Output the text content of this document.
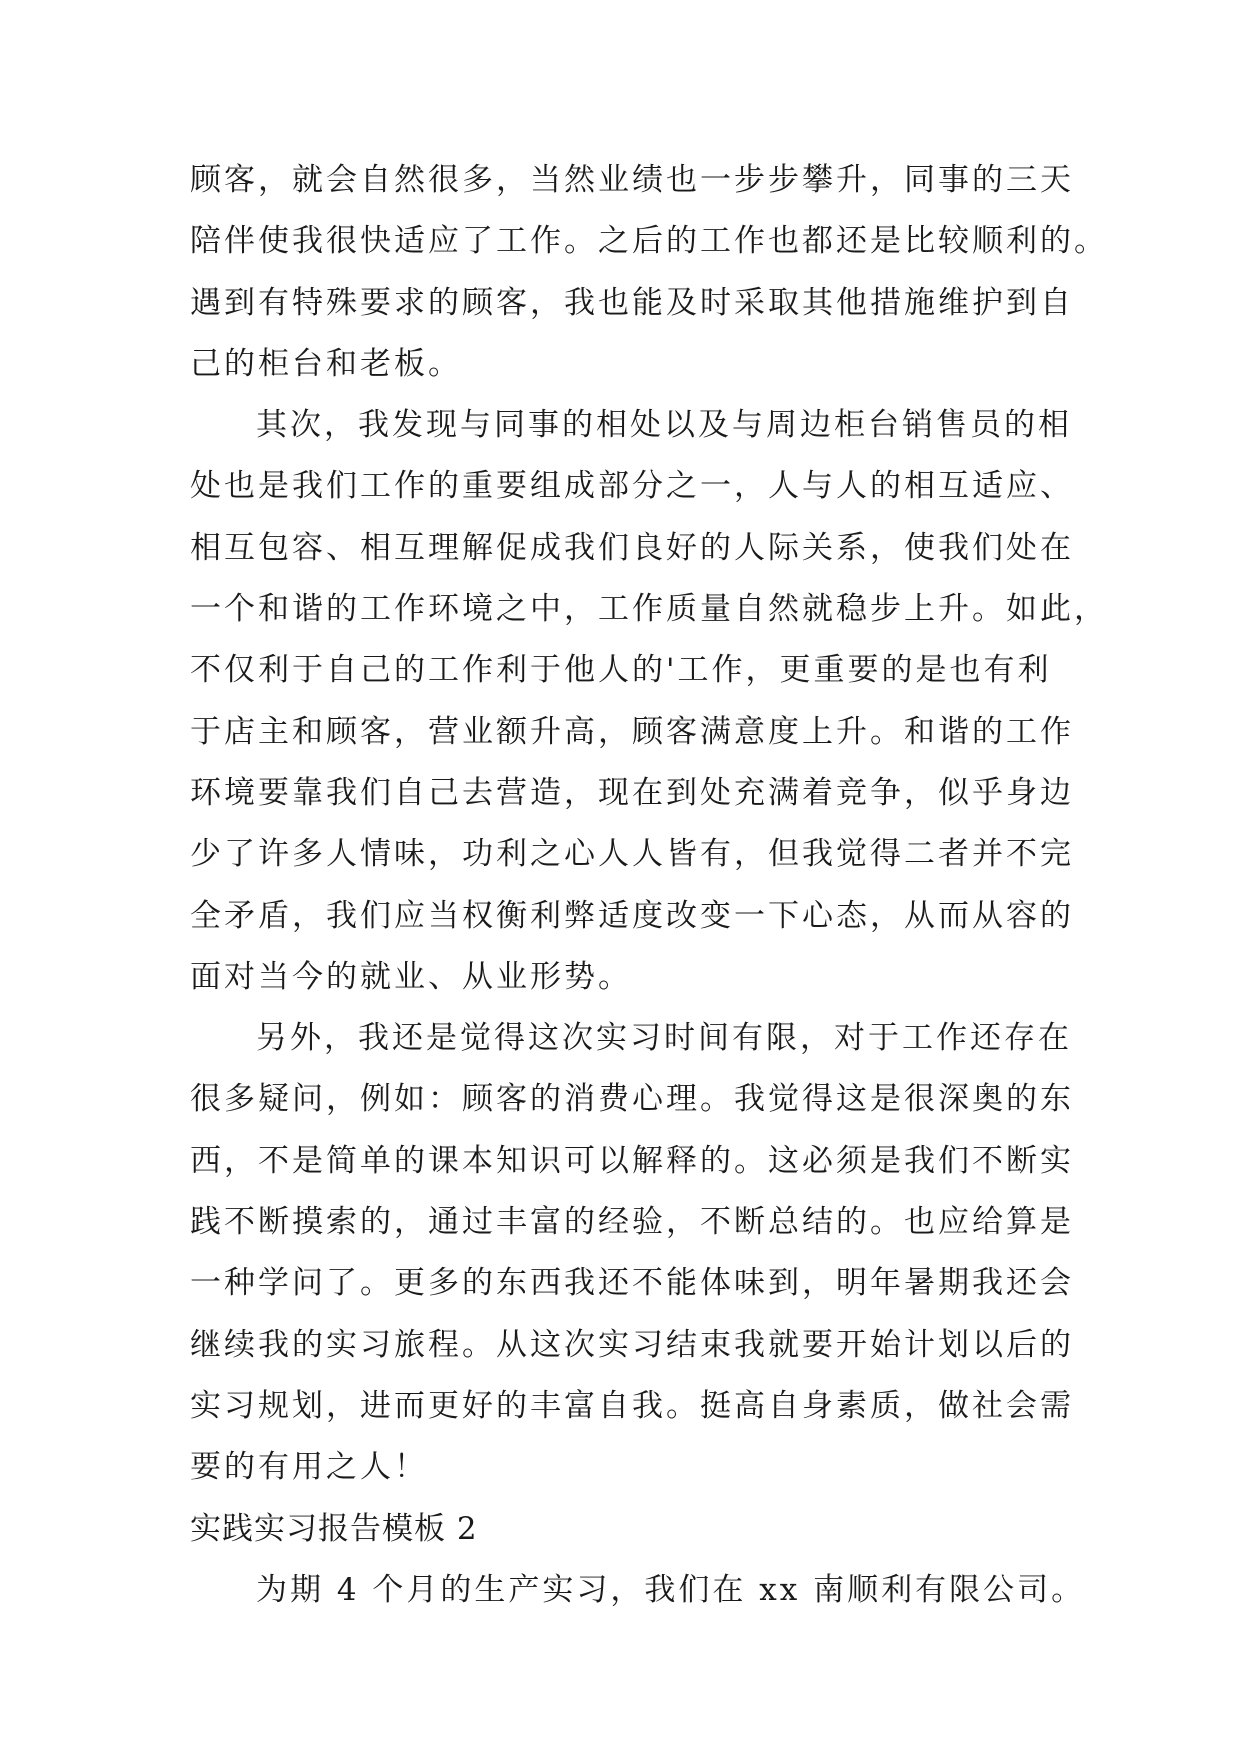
顾客，就会自然很多，当然业绩也一步步攀升，同事的三天
陪伴使我很快适应了工作。之后的工作也都还是比较顺利的。
遇到有特殊要求的顾客，我也能及时采取其他措施维护到自
己的柜台和老板。
其次，我发现与同事的相处以及与周边柜台销售员的相
处也是我们工作的重要组成部分之一，人与人的相互适应、
相互包容、相互理解促成我们良好的人际关系，使我们处在
一个和谐的工作环境之中，工作质量自然就稳步上升。如此，
不仅利于自己的工作利于他人的'工作，更重要的是也有利
于店主和顾客，营业额升高，顾客满意度上升。和谐的工作
环境要靠我们自己去营造，现在到处充满着竞争，似乎身边
少了许多人情味，功利之心人人皆有，但我觉得二者并不完
全矛盾，我们应当权衡利弊适度改变一下心态，从而从容的
面对当今的就业、从业形势。
另外，我还是觉得这次实习时间有限，对于工作还存在
很多疑问，例如：顾客的消费心理。我觉得这是很深奥的东
西，不是简单的课本知识可以解释的。这必须是我们不断实
践不断摸索的，通过丰富的经验，不断总结的。也应给算是
一种学问了。更多的东西我还不能体味到，明年暑期我还会
继续我的实习旅程。从这次实习结束我就要开始计划以后的
实习规划，进而更好的丰富自我。挺高自身素质，做社会需
要的有用之人！
实践实习报告模板 2
为期 4 个月的生产实习，我们在 xx 南顺利有限公司。
